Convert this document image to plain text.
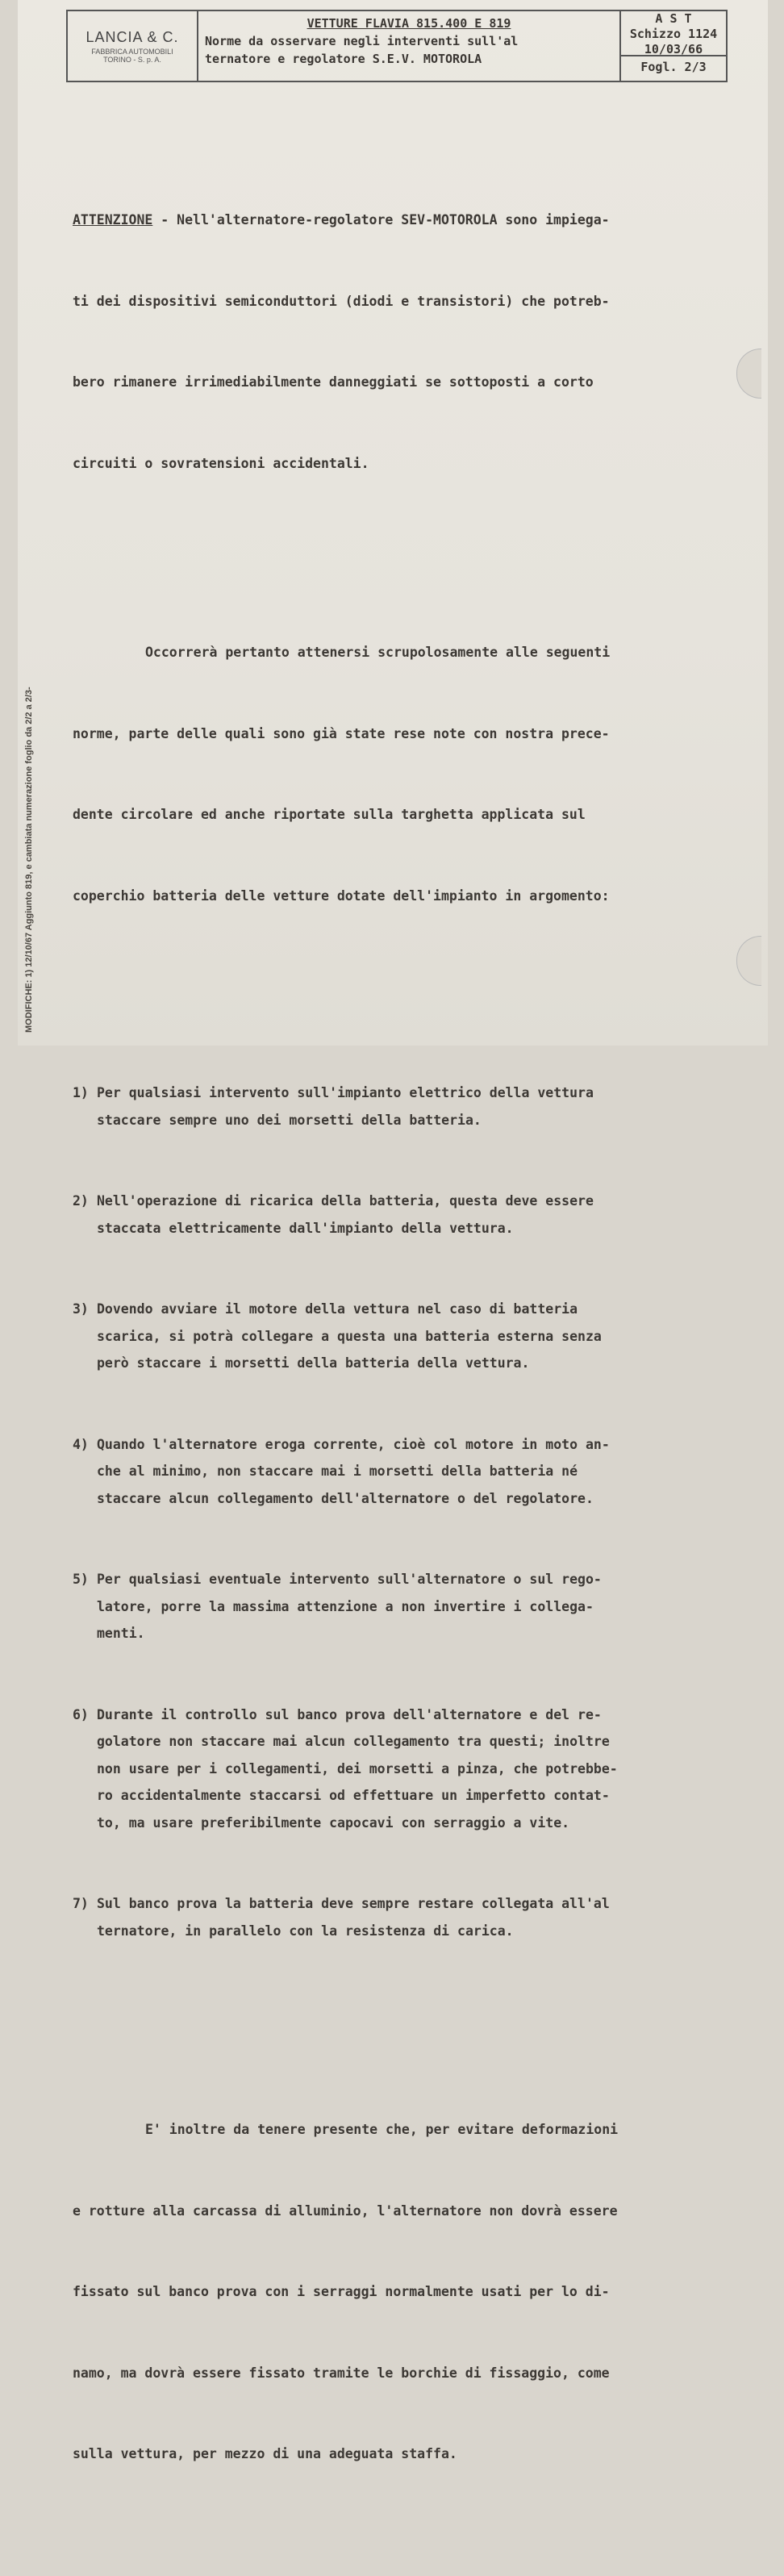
LANCIA & C.
FABBRICA AUTOMOBILI
TORINO - S. p. A.
VETTURE FLAVIA 815.400 E 819
Norme da osservare negli interventi sull'al
ternatore e regolatore S.E.V. MOTOROLA
A S T
Schizzo 1124
10/03/66
Fogl. 2/3

ATTENZIONE - Nell'alternatore-regolatore SEV-MOTOROLA sono impiega-

ti dei dispositivi semiconduttori (diodi e transistori) che potreb-

bero rimanere irrimediabilmente danneggiati se sottoposti a corto

circuiti o sovratensioni accidentali.

Occorrerà pertanto attenersi scrupolosamente alle seguenti

norme, parte delle quali sono già state rese note con nostra prece-

dente circolare ed anche riportate sulla targhetta applicata sul

coperchio batteria delle vetture dotate dell'impianto in argomento:

1) Per qualsiasi intervento sull'impianto elettrico della vettura
staccare sempre uno dei morsetti della batteria.

2) Nell'operazione di ricarica della batteria, questa deve essere
staccata elettricamente dall'impianto della vettura.

3) Dovendo avviare il motore della vettura nel caso di batteria
scarica, si potrà collegare a questa una batteria esterna senza
però staccare i morsetti della batteria della vettura.

4) Quando l'alternatore eroga corrente, cioè col motore in moto an-
che al minimo, non staccare mai i morsetti della batteria né
staccare alcun collegamento dell'alternatore o del regolatore.

5) Per qualsiasi eventuale intervento sull'alternatore o sul rego-
latore, porre la massima attenzione a non invertire i collega-
menti.

6) Durante il controllo sul banco prova dell'alternatore e del re-
golatore non staccare mai alcun collegamento tra questi; inoltre
non usare per i collegamenti, dei morsetti a pinza, che potrebbe-
ro accidentalmente staccarsi od effettuare un imperfetto contat-
to, ma usare preferibilmente capocavi con serraggio a vite.

7) Sul banco prova la batteria deve sempre restare collegata all'al
ternatore, in parallelo con la resistenza di carica.

E' inoltre da tenere presente che, per evitare deformazioni

e rotture alla carcassa di alluminio, l'alternatore non dovrà essere

fissato sul banco prova con i serraggi normalmente usati per lo di-

namo, ma dovrà essere fissato tramite le borchie di fissaggio, come

sulla vettura, per mezzo di una adeguata staffa.

MODIFICHE: 1) 12/10/67 Aggiunto 819, e cambiata numerazione foglio da 2/2 a 2/3-
